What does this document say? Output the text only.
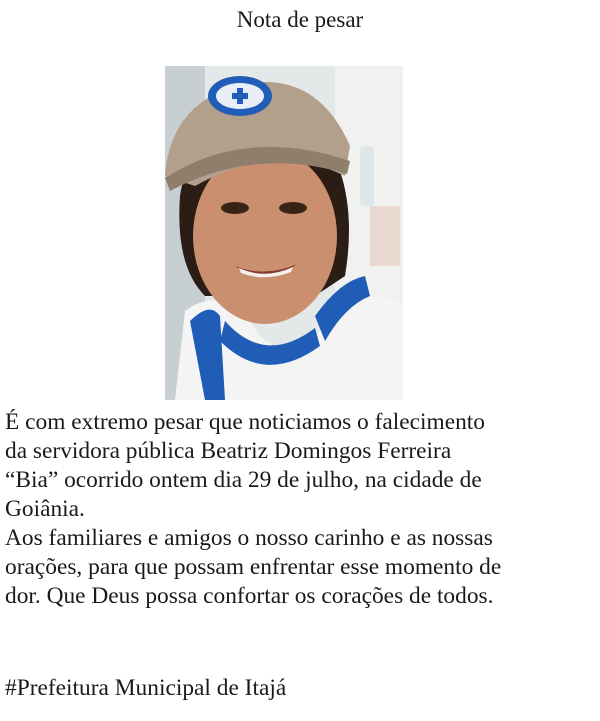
Nota de pesar

É com extremo pesar que noticiamos o falecimento
da servidora pública Beatriz Domingos Ferreira
“Bia” ocorrido ontem dia 29 de julho, na cidade de
Goiânia.

Aos familiares e amigos o nosso carinho e as nossas
orações, para que possam enfrentar esse momento de
dor. Que Deus possa confortar os corações de todos.

#Prefeitura Municipal de Itajá
